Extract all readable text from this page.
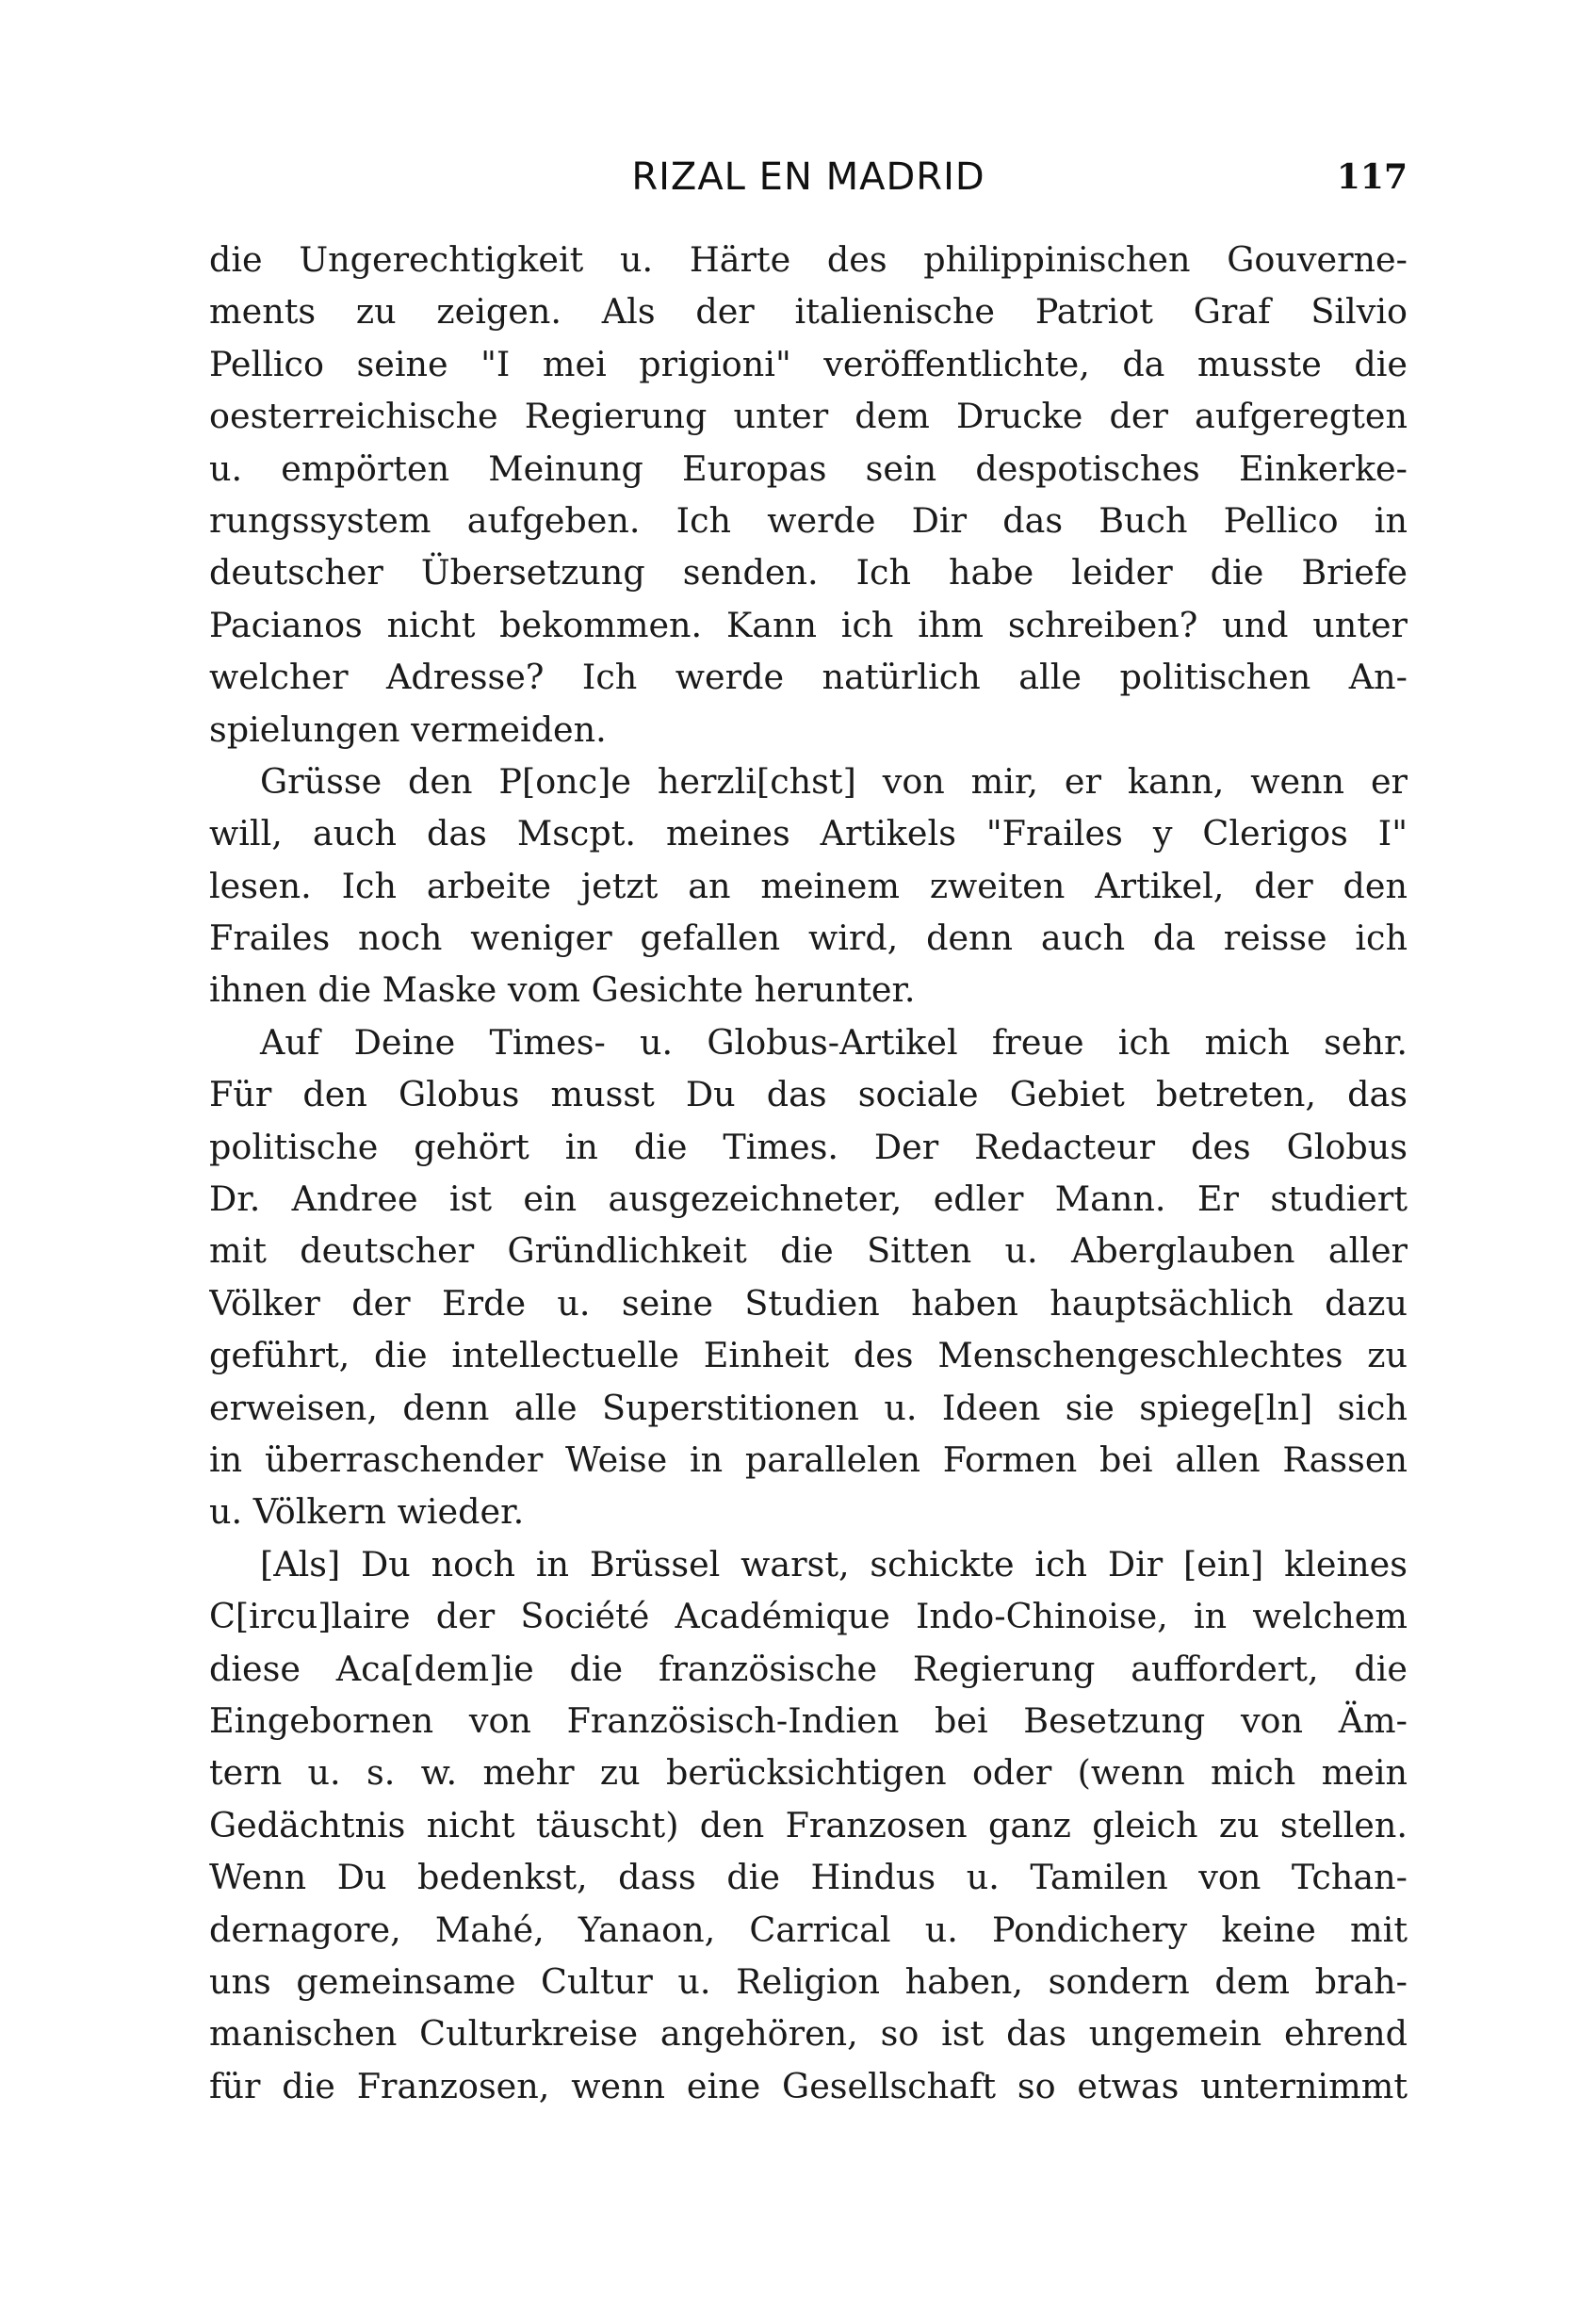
RIZAL EN MADRID	117
die Ungerechtigkeit u. Härte des philippinischen Gouverne-
ments zu zeigen. Als der italienische Patriot Graf Silvio
Pellico seine "I mei prigioni" veröffentlichte, da musste die
oesterreichische Regierung unter dem Drucke der aufgeregten
u. empörten Meinung Europas sein despotisches Einkerke-
rungssystem aufgeben. Ich werde Dir das Buch Pellico in
deutscher Übersetzung senden. Ich habe leider die Briefe
Pacianos nicht bekommen. Kann ich ihm schreiben? und unter
welcher Adresse? Ich werde natürlich alle politischen An-
spielungen vermeiden.
Grüsse den P[onc]e herzli[chst] von mir, er kann, wenn er
will, auch das Mscpt. meines Artikels "Frailes y Clerigos I"
lesen. Ich arbeite jetzt an meinem zweiten Artikel, der den
Frailes noch weniger gefallen wird, denn auch da reisse ich
ihnen die Maske vom Gesichte herunter.
Auf Deine Times- u. Globus-Artikel freue ich mich sehr.
Für den Globus musst Du das sociale Gebiet betreten, das
politische gehört in die Times. Der Redacteur des Globus
Dr. Andree ist ein ausgezeichneter, edler Mann. Er studiert
mit deutscher Gründlichkeit die Sitten u. Aberglauben aller
Völker der Erde u. seine Studien haben hauptsächlich dazu
geführt, die intellectuelle Einheit des Menschengeschlechtes zu
erweisen, denn alle Superstitionen u. Ideen sie spiege[ln] sich
in überraschender Weise in parallelen Formen bei allen Rassen
u. Völkern wieder.
[Als] Du noch in Brüssel warst, schickte ich Dir [ein] kleines
C[ircu]laire der Société Académique Indo-Chinoise, in welchem
diese Aca[dem]ie die französische Regierung auffordert, die
Eingebornen von Französisch-Indien bei Besetzung von Äm-
tern u. s. w. mehr zu berücksichtigen oder (wenn mich mein
Gedächtnis nicht täuscht) den Franzosen ganz gleich zu stellen.
Wenn Du bedenkst, dass die Hindus u. Tamilen von Tchan-
dernagore, Mahé, Yanaon, Carrical u. Pondichery keine mit
uns gemeinsame Cultur u. Religion haben, sondern dem brah-
manischen Culturkreise angehören, so ist das ungemein ehrend
für die Franzosen, wenn eine Gesellschaft so etwas unternimmt
